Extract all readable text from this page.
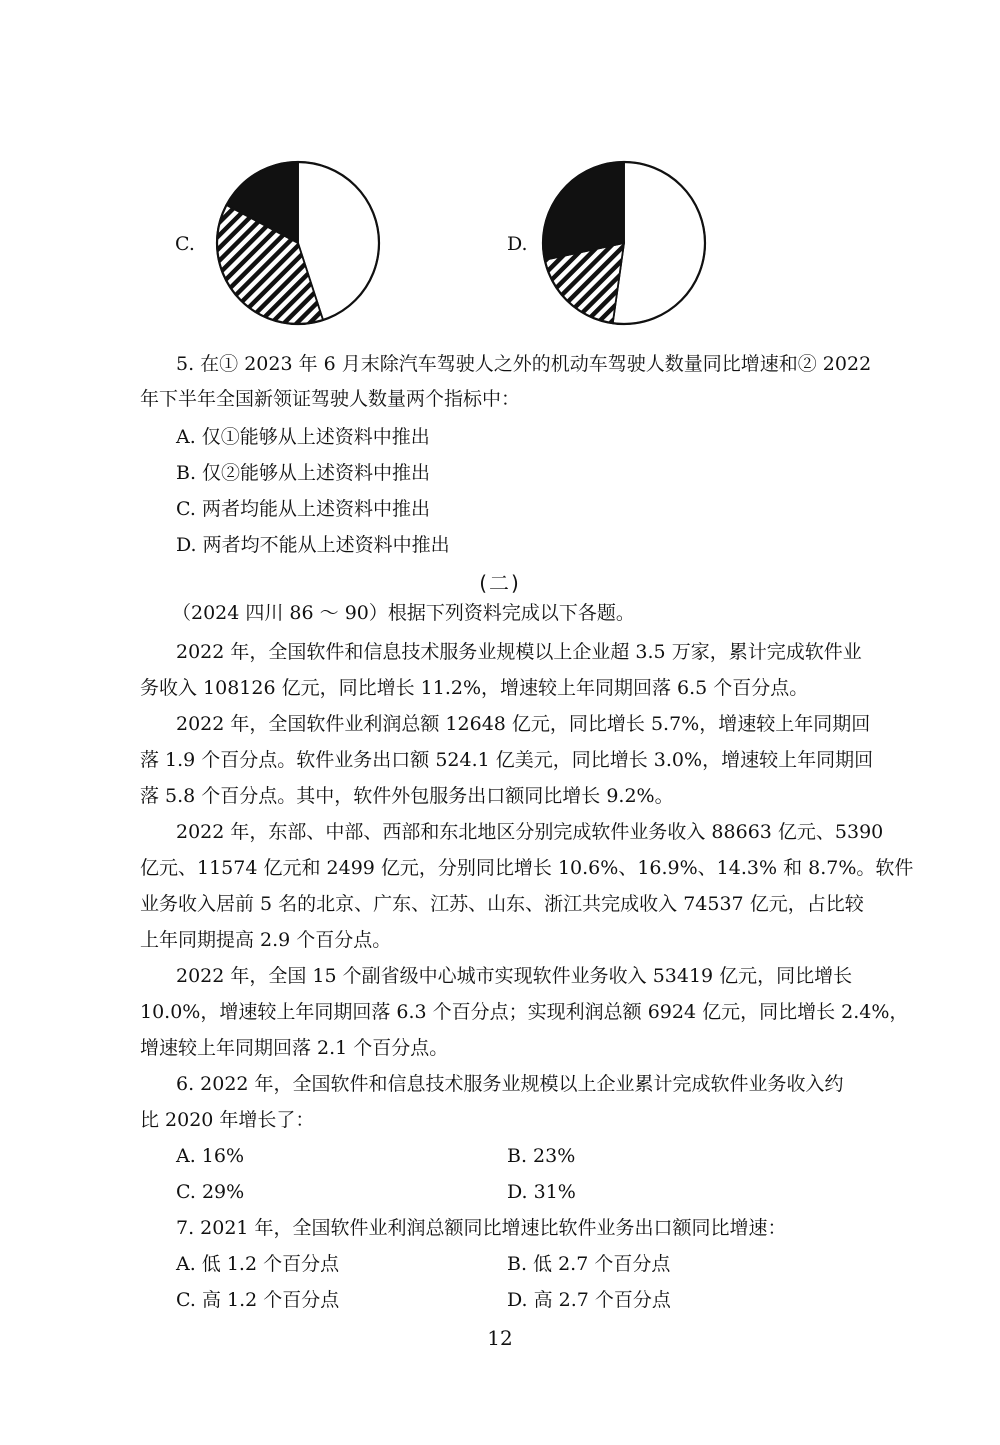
C.	D.
5. 在① 2023 年 6 月末除汽车驾驶人之外的机动车驾驶人数量同比增速和② 2022
年下半年全国新领证驾驶人数量两个指标中：
A. 仅①能够从上述资料中推出
B. 仅②能够从上述资料中推出
C. 两者均能从上述资料中推出
D. 两者均不能从上述资料中推出
(二)
（2024 四川 86 ～ 90）根据下列资料完成以下各题。
2022 年，全国软件和信息技术服务业规模以上企业超 3.5 万家，累计完成软件业
务收入 108126 亿元，同比增长 11.2%，增速较上年同期回落 6.5 个百分点。
2022 年，全国软件业利润总额 12648 亿元，同比增长 5.7%，增速较上年同期回
落 1.9 个百分点。软件业务出口额 524.1 亿美元，同比增长 3.0%，增速较上年同期回
落 5.8 个百分点。其中，软件外包服务出口额同比增长 9.2%。
2022 年，东部、中部、西部和东北地区分别完成软件业务收入 88663 亿元、5390
亿元、11574 亿元和 2499 亿元，分别同比增长 10.6%、16.9%、14.3% 和 8.7%。软件
业务收入居前 5 名的北京、广东、江苏、山东、浙江共完成收入 74537 亿元，占比较
上年同期提高 2.9 个百分点。
2022 年，全国 15 个副省级中心城市实现软件业务收入 53419 亿元，同比增长
10.0%，增速较上年同期回落 6.3 个百分点；实现利润总额 6924 亿元，同比增长 2.4%，
增速较上年同期回落 2.1 个百分点。
6. 2022 年，全国软件和信息技术服务业规模以上企业累计完成软件业务收入约
比 2020 年增长了：
A. 16%	B. 23%
C. 29%	D. 31%
7. 2021 年，全国软件业利润总额同比增速比软件业务出口额同比增速：
A. 低 1.2 个百分点	B. 低 2.7 个百分点
C. 高 1.2 个百分点	D. 高 2.7 个百分点
12
